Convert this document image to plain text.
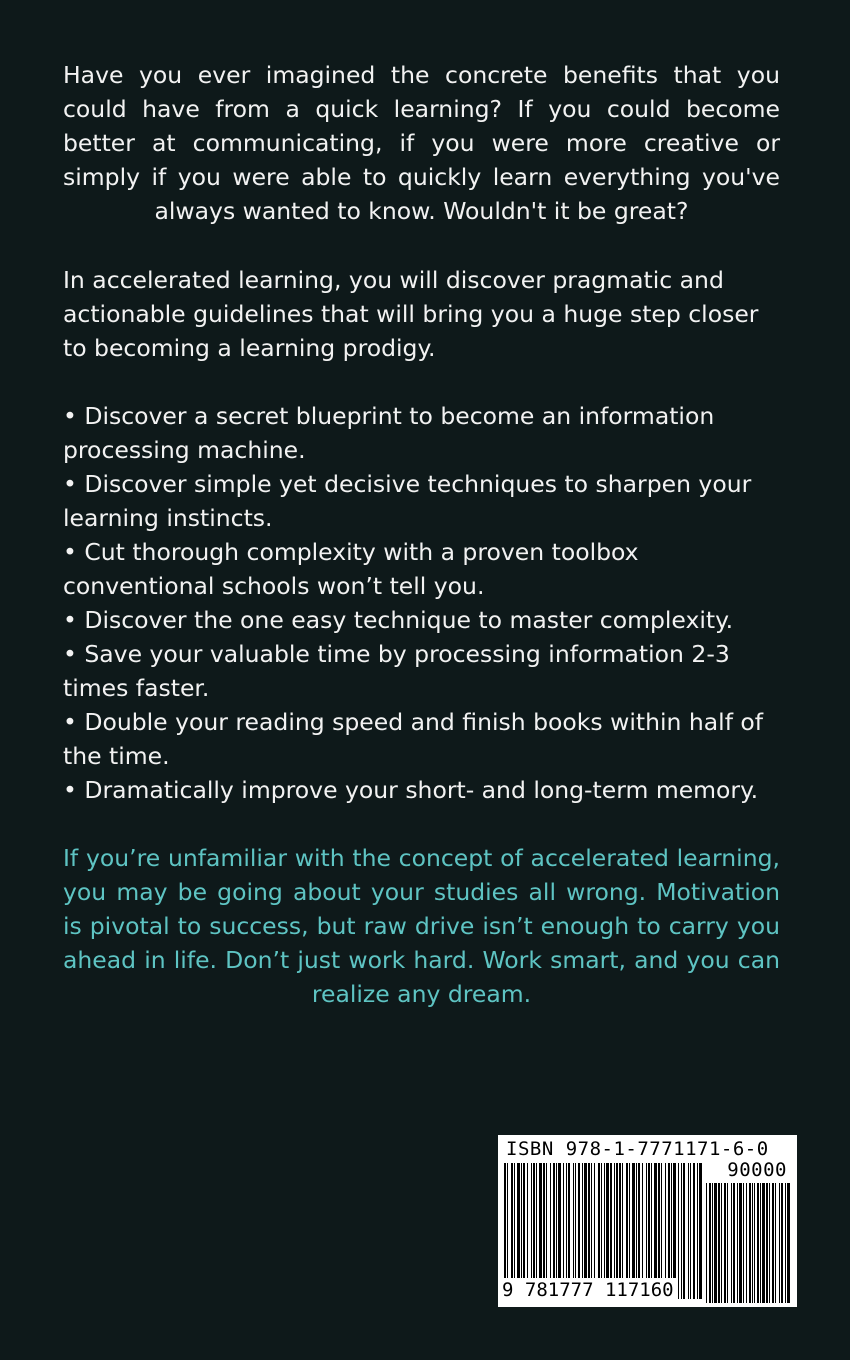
Have you ever imagined the concrete benefits that you could have from a quick learning? If you could become better at communicating, if you were more creative or simply if you were able to quickly learn everything you've always wanted to know. Wouldn't it be great?

In accelerated learning, you will discover pragmatic and actionable guidelines that will bring you a huge step closer to becoming a learning prodigy.

• Discover a secret blueprint to become an information processing machine.
• Discover simple yet decisive techniques to sharpen your learning instincts.
• Cut thorough complexity with a proven toolbox conventional schools won’t tell you.
• Discover the one easy technique to master complexity.
• Save your valuable time by processing information 2-3 times faster.
• Double your reading speed and finish books within half of the time.
• Dramatically improve your short- and long-term memory.

If you’re unfamiliar with the concept of accelerated learning, you may be going about your studies all wrong. Motivation is pivotal to success, but raw drive isn’t enough to carry you ahead in life. Don’t just work hard. Work smart, and you can realize any dream.

ISBN 978-1-7771171-6-0
90000
9 781777 117160
